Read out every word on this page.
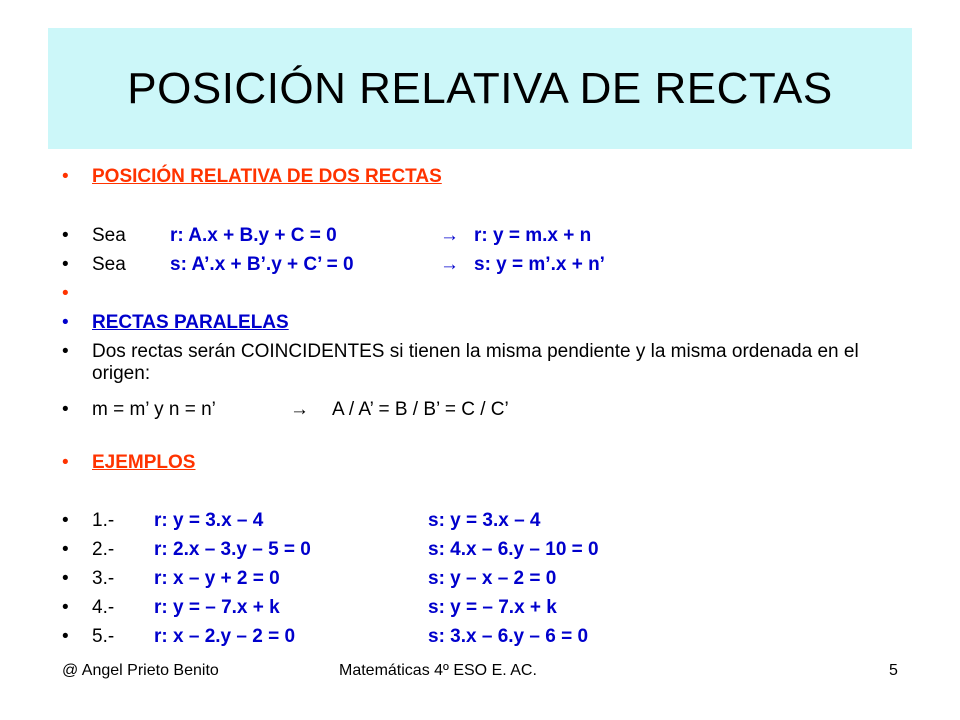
POSICIÓN RELATIVA DE RECTAS
•	POSICIÓN RELATIVA DE DOS RECTAS
•	Sea r: A.x + B.y + C = 0	→ r: y = m.x + n
•	Sea s: A’.x + B’.y + C’ = 0	→ s: y = m’.x + n’
•
•	RECTAS PARALELAS
•	Dos rectas serán COINCIDENTES si tienen la misma pendiente y la misma ordenada en el origen:
•	m = m’ y n = n’	→ A / A’ = B / B’ = C / C’
•	EJEMPLOS
•	1.- r: y = 3.x – 4	s: y = 3.x – 4
•	2.- r: 2.x – 3.y – 5 = 0	s: 4.x – 6.y – 10 = 0
•	3.- r: x – y + 2 = 0	s: y – x – 2 = 0
•	4.- r: y = – 7.x + k	s: y = – 7.x + k
•	5.- r: x – 2.y – 2 = 0	s: 3.x – 6.y – 6 = 0
@ Angel Prieto Benito	Matemáticas 4º ESO E. AC.	5
